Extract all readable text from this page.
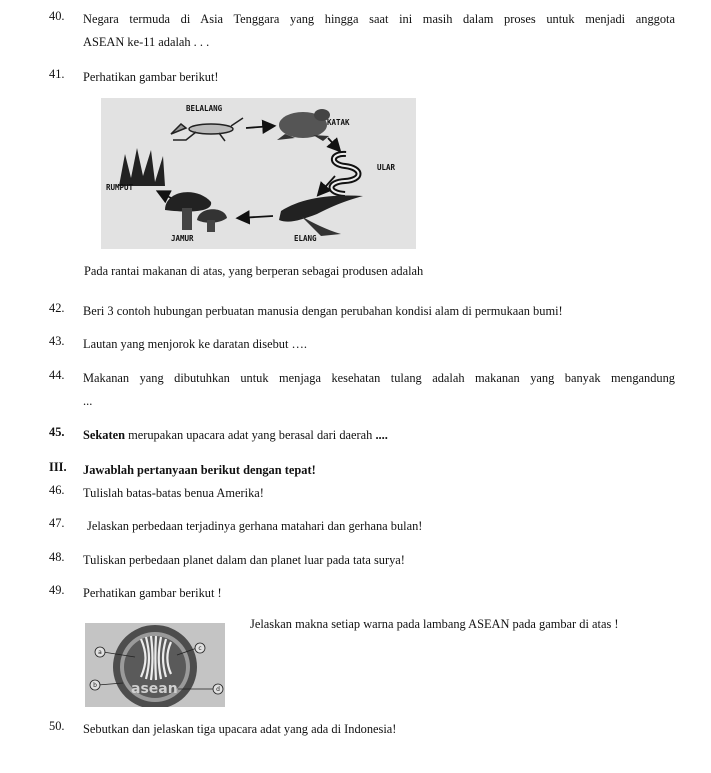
40.	Negara termuda di Asia Tenggara yang hingga saat ini masih dalam proses untuk menjadi anggota
ASEAN ke-11 adalah . . .
41.	Perhatikan gambar berikut!
BELALANG
KATAK
ULAR
RUMPUT
JAMUR	ELANG
Pada rantai makanan di atas, yang berperan sebagai produsen adalah
42.	Beri 3 contoh hubungan perbuatan manusia dengan perubahan kondisi alam di permukaan bumi!
43.	Lautan yang menjorok ke daratan disebut ….
44.	Makanan yang dibutuhkan untuk menjaga kesehatan tulang adalah makanan yang banyak mengandung
...
45.	Sekaten merupakan upacara adat yang berasal dari daerah ....
III.	Jawablah pertanyaan berikut dengan tepat!
46.	Tulislah batas-batas benua Amerika!
47.	Jelaskan perbedaan terjadinya gerhana matahari dan gerhana bulan!
48.	Tuliskan perbedaan planet dalam dan planet luar pada tata surya!
49.	Perhatikan gambar berikut !
asean
a
b
c
d
Jelaskan makna setiap warna pada lambang ASEAN pada gambar di atas !
50.	Sebutkan dan jelaskan tiga upacara adat yang ada di Indonesia!
